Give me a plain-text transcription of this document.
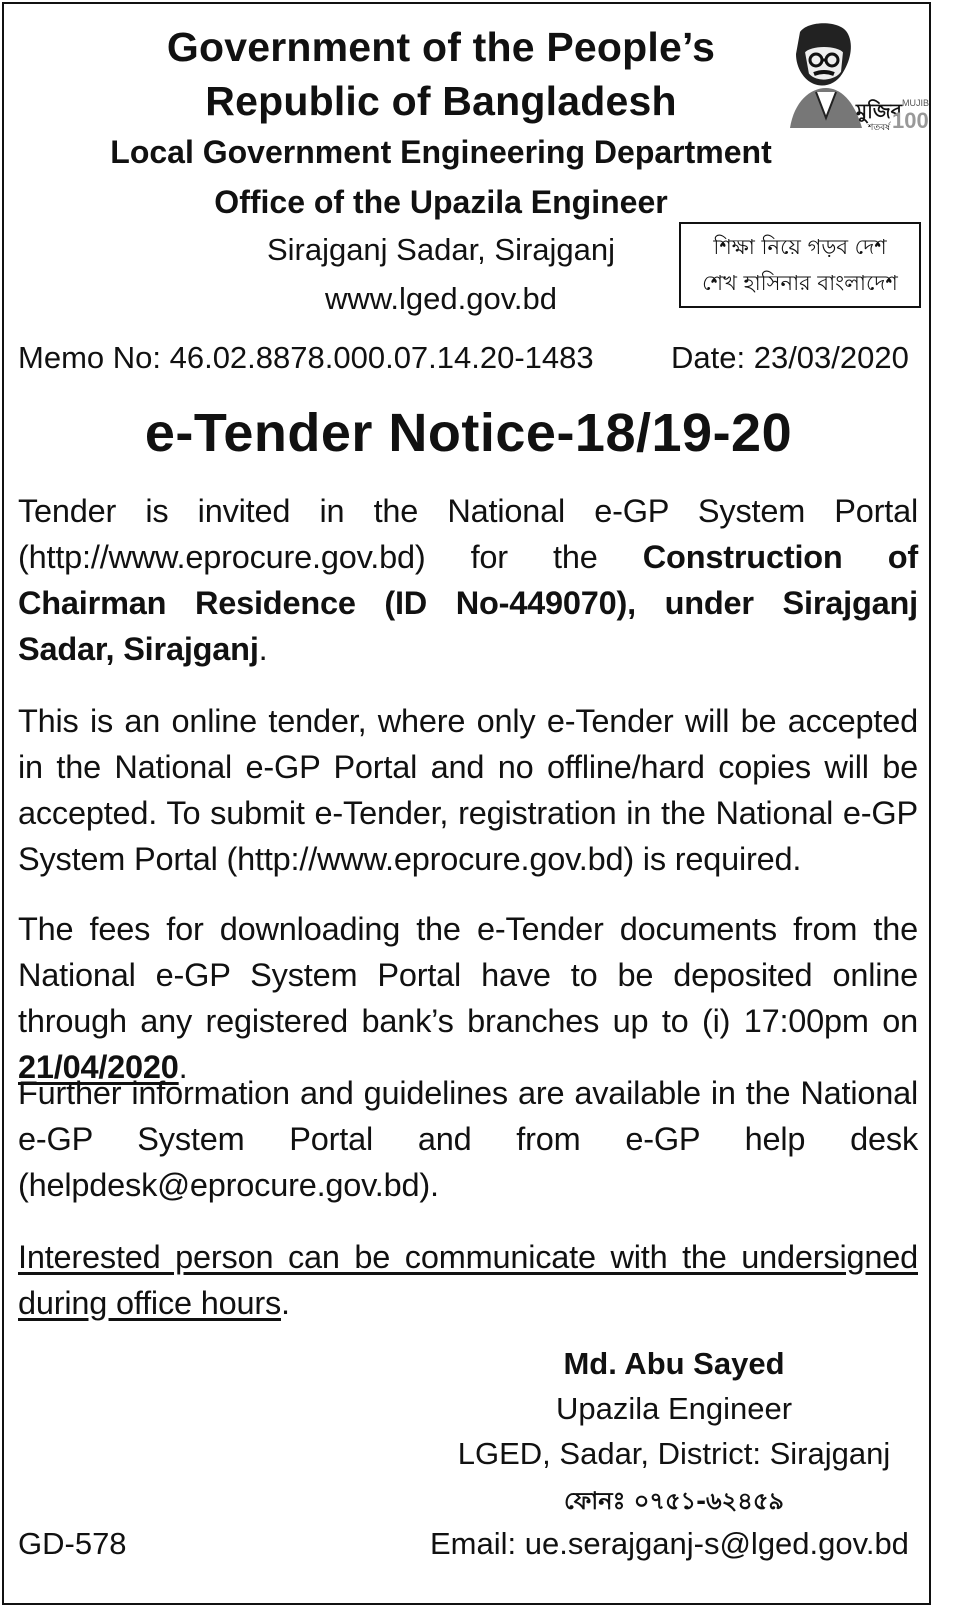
Government of the People’s
Republic of Bangladesh
Local Government Engineering Department
Office of the Upazila Engineer
Sirajganj Sadar, Sirajganj
www.lged.gov.bd
মুজিব
শতবর্ষ
MUJIB
100
শিক্ষা নিয়ে গড়ব দেশ
শেখ হাসিনার বাংলাদেশ
Memo No: 46.02.8878.000.07.14.20-1483 Date: 23/03/2020
e-Tender Notice-18/19-20
Tender is invited in the National e-GP System Portal (http://www.eprocure.gov.bd) for the Construction of Chairman Residence (ID No-449070), under Sirajganj Sadar, Sirajganj.
This is an online tender, where only e-Tender will be accepted in the National e-GP Portal and no offline/hard copies will be accepted. To submit e-Tender, registration in the National e-GP System Portal (http://www.eprocure.gov.bd) is required.
The fees for downloading the e-Tender documents from the National e-GP System Portal have to be deposited online through any registered bank’s branches up to (i) 17:00pm on 21/04/2020.
Further information and guidelines are available in the National e-GP System Portal and from e-GP help desk (helpdesk@eprocure.gov.bd).
Interested person can be communicate with the undersigned during office hours.
Md. Abu Sayed
Upazila Engineer
LGED, Sadar, District: Sirajganj
ফোনঃ ০৭৫১-৬২৪৫৯
Email: ue.serajganj-s@lged.gov.bd
GD-578
